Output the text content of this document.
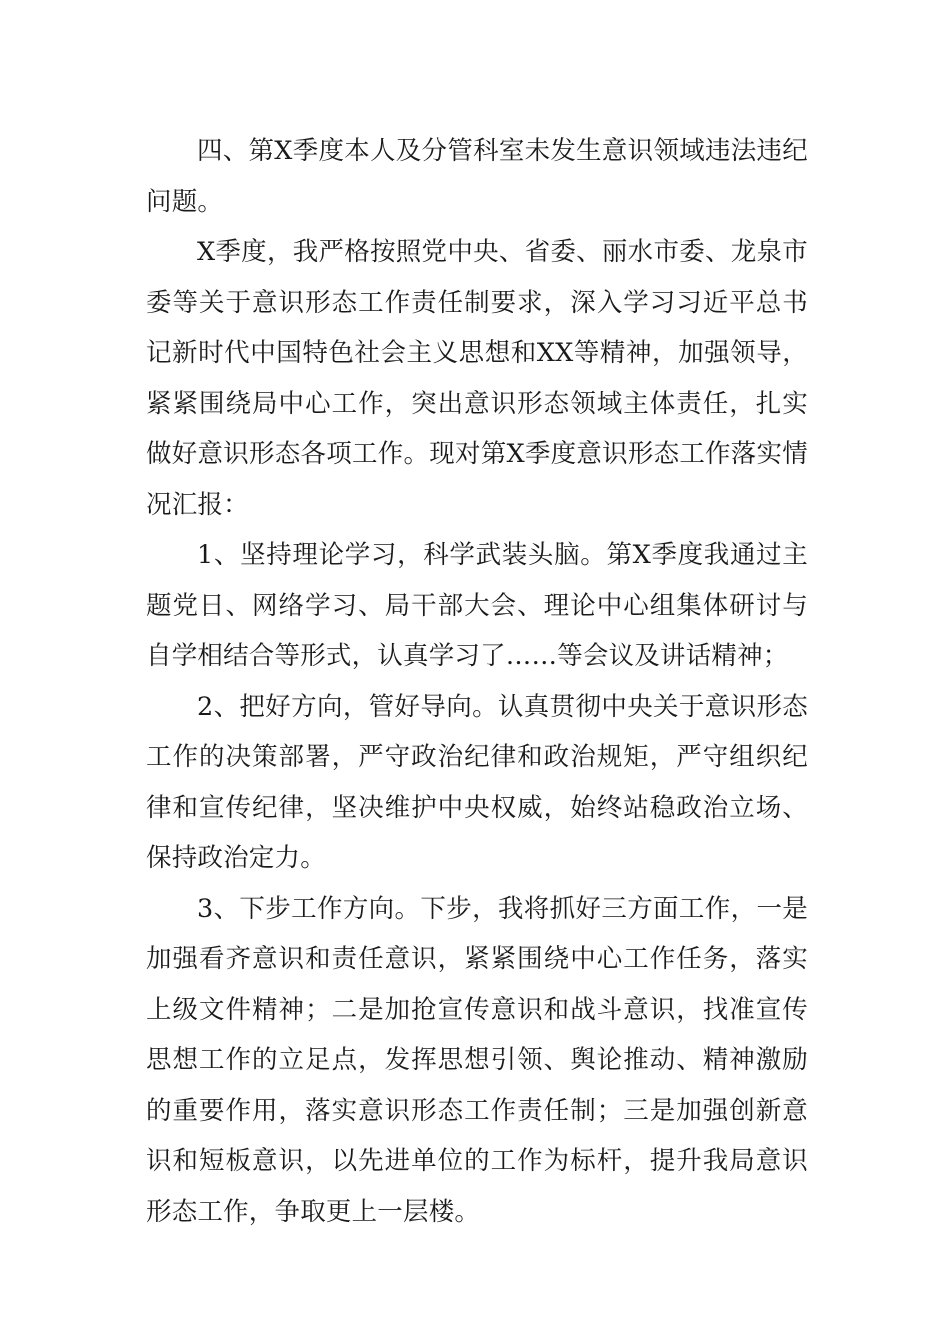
四、第X季度本人及分管科室未发生意识领域违法违纪问题。

X季度，我严格按照党中央、省委、丽水市委、龙泉市委等关于意识形态工作责任制要求，深入学习习近平总书记新时代中国特色社会主义思想和XX等精神，加强领导，紧紧围绕局中心工作，突出意识形态领域主体责任，扎实做好意识形态各项工作。现对第X季度意识形态工作落实情况汇报：

1、坚持理论学习，科学武装头脑。第X季度我通过主题党日、网络学习、局干部大会、理论中心组集体研讨与自学相结合等形式，认真学习了……等会议及讲话精神；

2、把好方向，管好导向。认真贯彻中央关于意识形态工作的决策部署，严守政治纪律和政治规矩，严守组织纪律和宣传纪律，坚决维护中央权威，始终站稳政治立场、保持政治定力。

3、下步工作方向。下步，我将抓好三方面工作，一是加强看齐意识和责任意识，紧紧围绕中心工作任务，落实上级文件精神；二是加抢宣传意识和战斗意识，找准宣传思想工作的立足点，发挥思想引领、舆论推动、精神激励的重要作用，落实意识形态工作责任制；三是加强创新意识和短板意识，以先进单位的工作为标杆，提升我局意识形态工作，争取更上一层楼。
